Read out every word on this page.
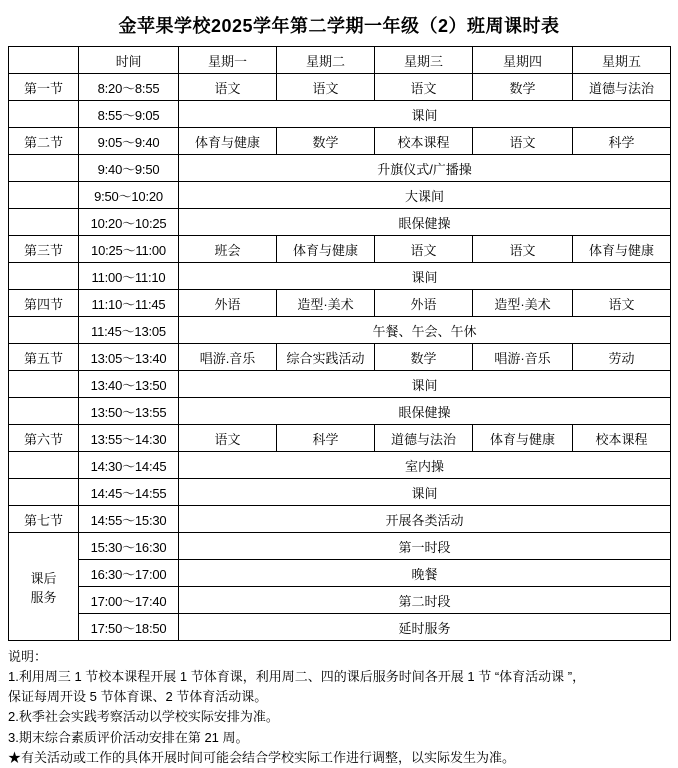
金苹果学校2025学年第二学期一年级（2）班周课时表
	时间	星期一	星期二	星期三	星期四	星期五
第一节	8:20～8:55	语文	语文	语文	数学	道德与法治
	8:55～9:05	课间				
第二节	9:05～9:40	体育与健康	数学	校本课程	语文	科学
	9:40～9:50	升旗仪式/广播操				
	9:50～10:20	大课间				
	10:20～10:25	眼保健操				
第三节	10:25～11:00	班会	体育与健康	语文	语文	体育与健康
	11:00～11:10	课间				
第四节	11:10～11:45	外语	造型·美术	外语	造型·美术	语文
	11:45～13:05	午餐、午会、午休				
第五节	13:05～13:40	唱游.音乐	综合实践活动	数学	唱游·音乐	劳动
	13:40～13:50	课间				
	13:50～13:55	眼保健操				
第六节	13:55～14:30	语文	科学	道德与法治	体育与健康	校本课程
	14:30～14:45	室内操				
	14:45～14:55	课间				
第七节	14:55～15:30	开展各类活动				

课后
服务	15:30～16:30	第一时段				
	16:30～17:00	晚餐				
	17:00～17:40	第二时段				
	17:50～18:50	延时服务				
说明：
1.利用周三 1 节校本课程开展 1 节体育课，利用周二、四的课后服务时间各开展 1 节 “体育活动课 ”，
保证每周开设 5 节体育课、2 节体育活动课。
2.秋季社会实践考察活动以学校实际安排为准。
3.期末综合素质评价活动安排在第 21 周。
★有关活动或工作的具体开展时间可能会结合学校实际工作进行调整，以实际发生为准。
